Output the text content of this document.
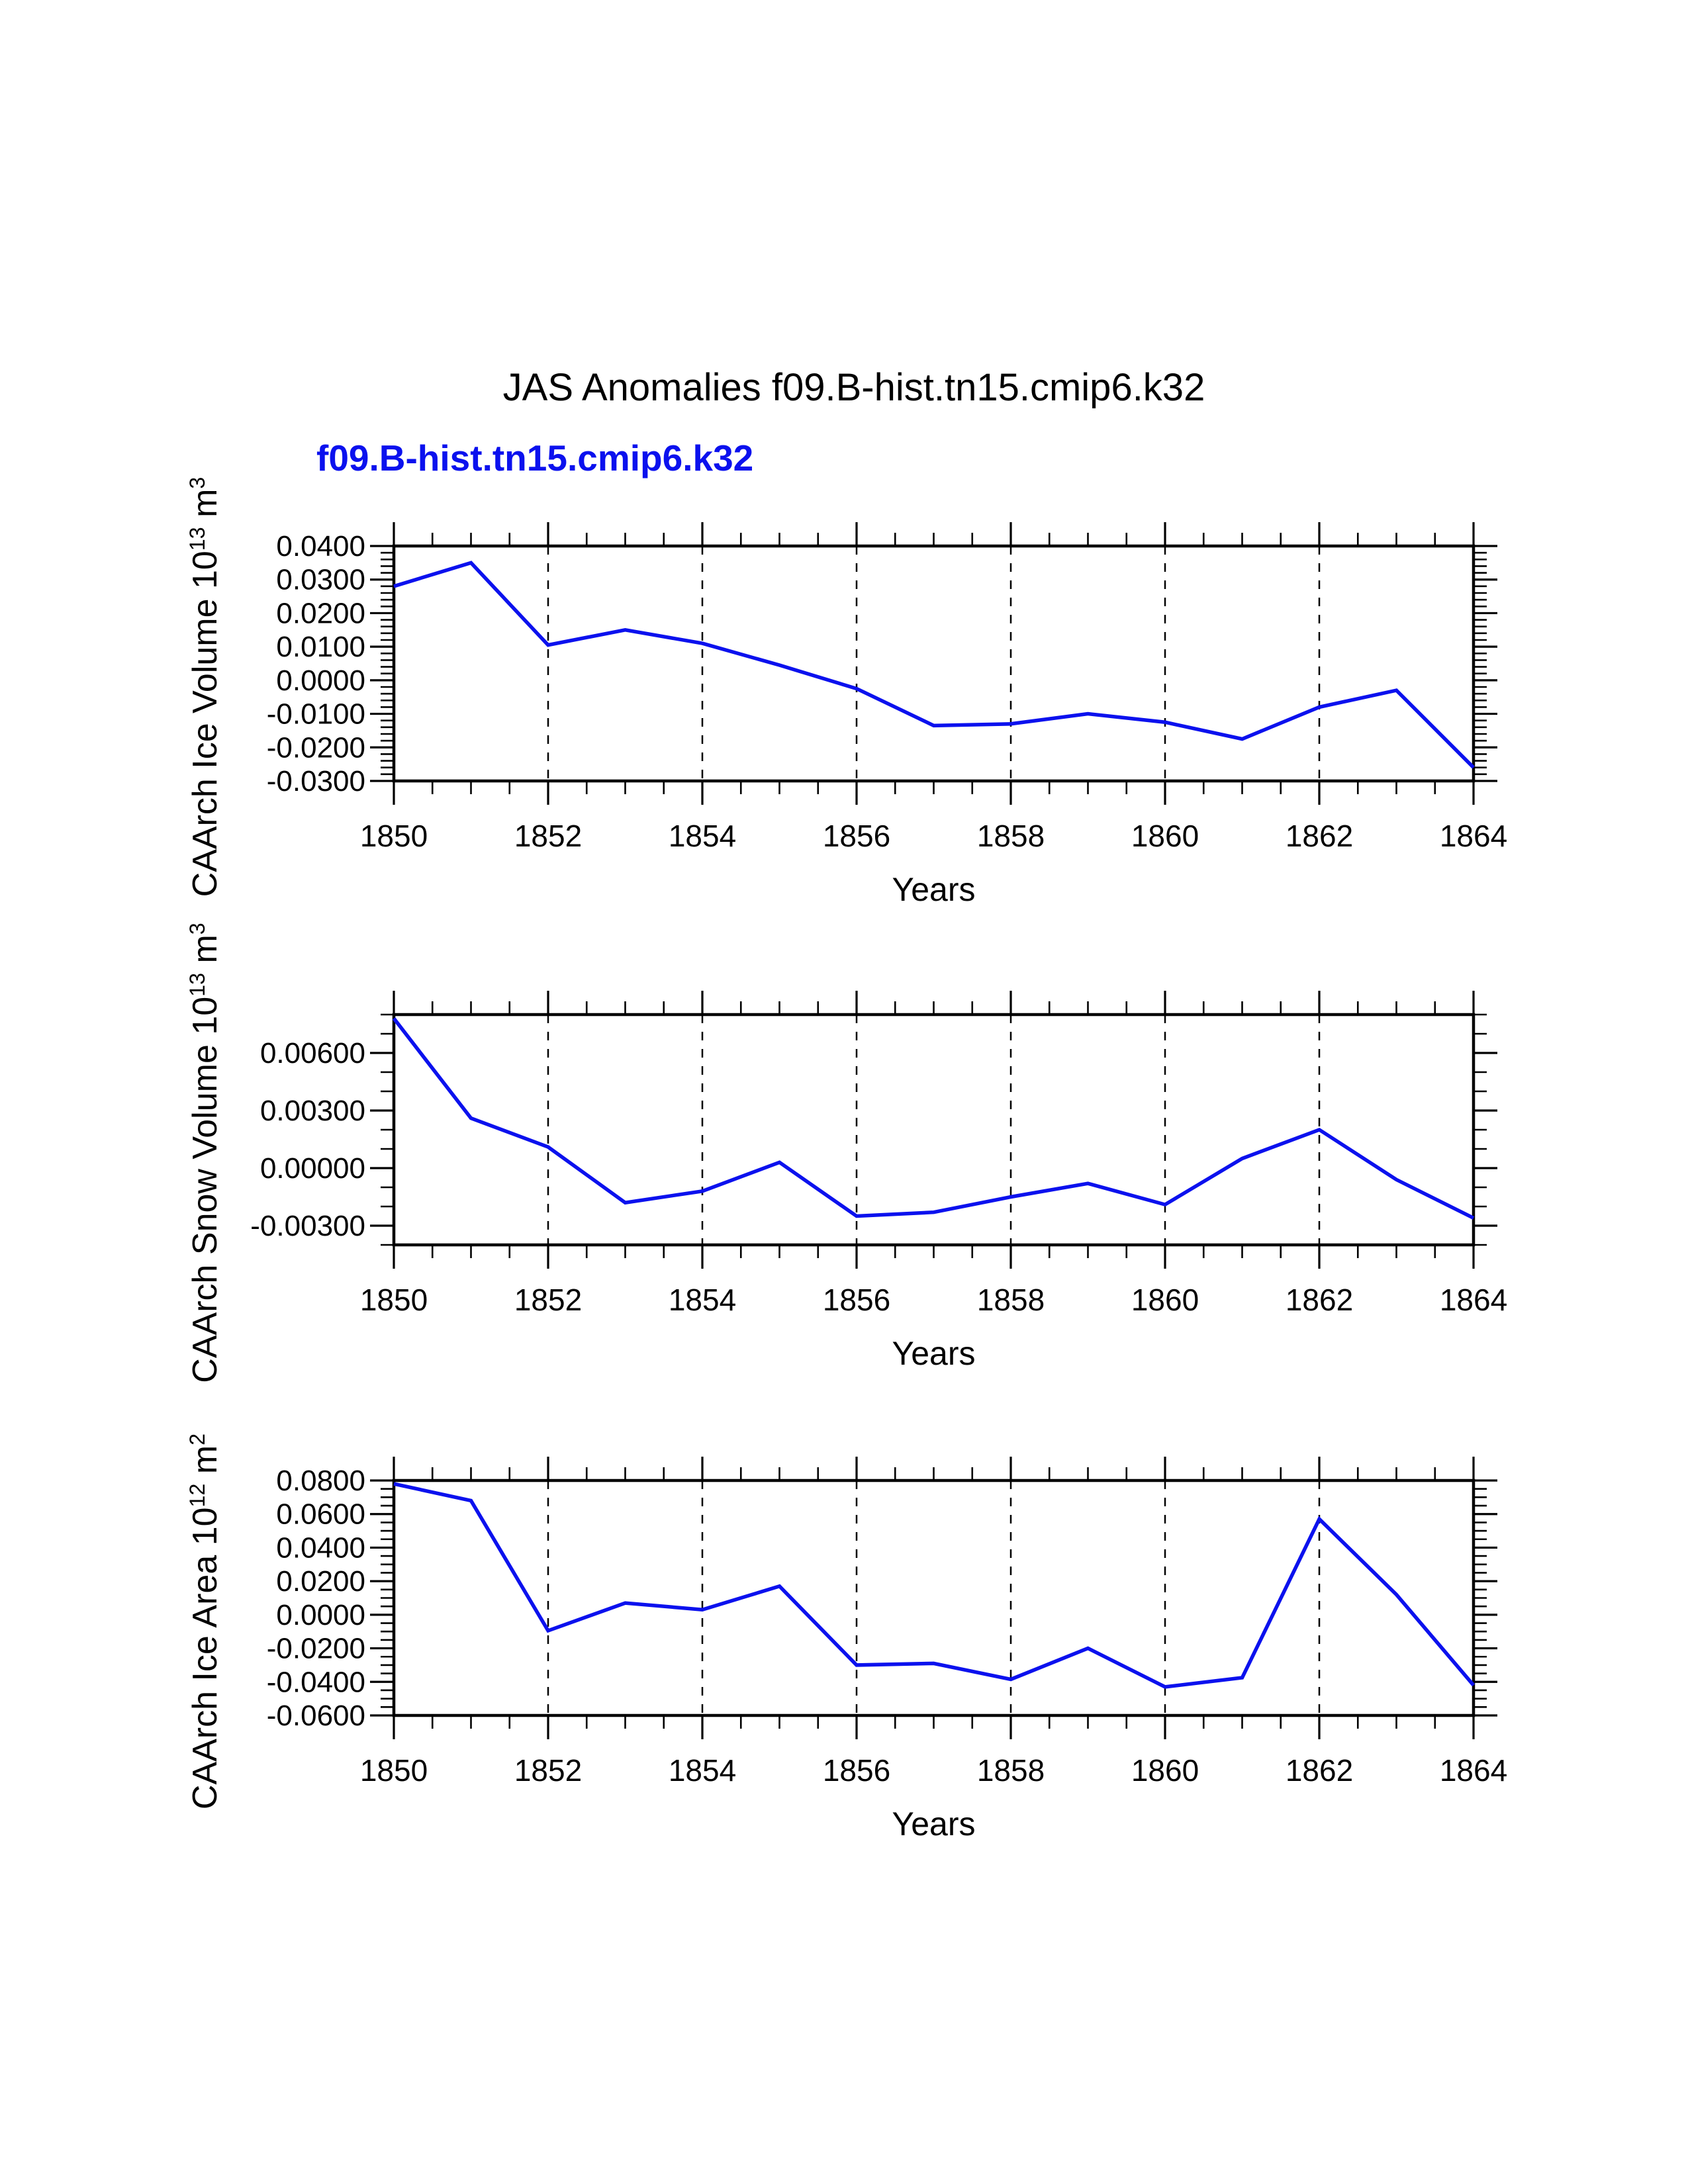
JAS Anomalies f09.B-hist.tn15.cmip6.k32
f09.B-hist.tn15.cmip6.k32
0.0400
0.0300
0.0200
0.0100
0.0000
-0.0100
-0.0200
-0.0300
1850	1852	1854	1856	1858	1860	1862	1864
Years
0.00600
0.00300
0.00000
-0.00300
1850	1852	1854	1856	1858	1860	1862	1864
Years
0.0800
0.0600
0.0400
0.0200
0.0000
-0.0200
-0.0400
-0.0600
1850	1852	1854	1856	1858	1860	1862	1864
Years
CAArch Ice Volume $10^{13}$ $m^3$
CAArch Snow Volume $10^{13}$ $m^3$
CAArch Ice Area $10^{12}$ $m^2$
